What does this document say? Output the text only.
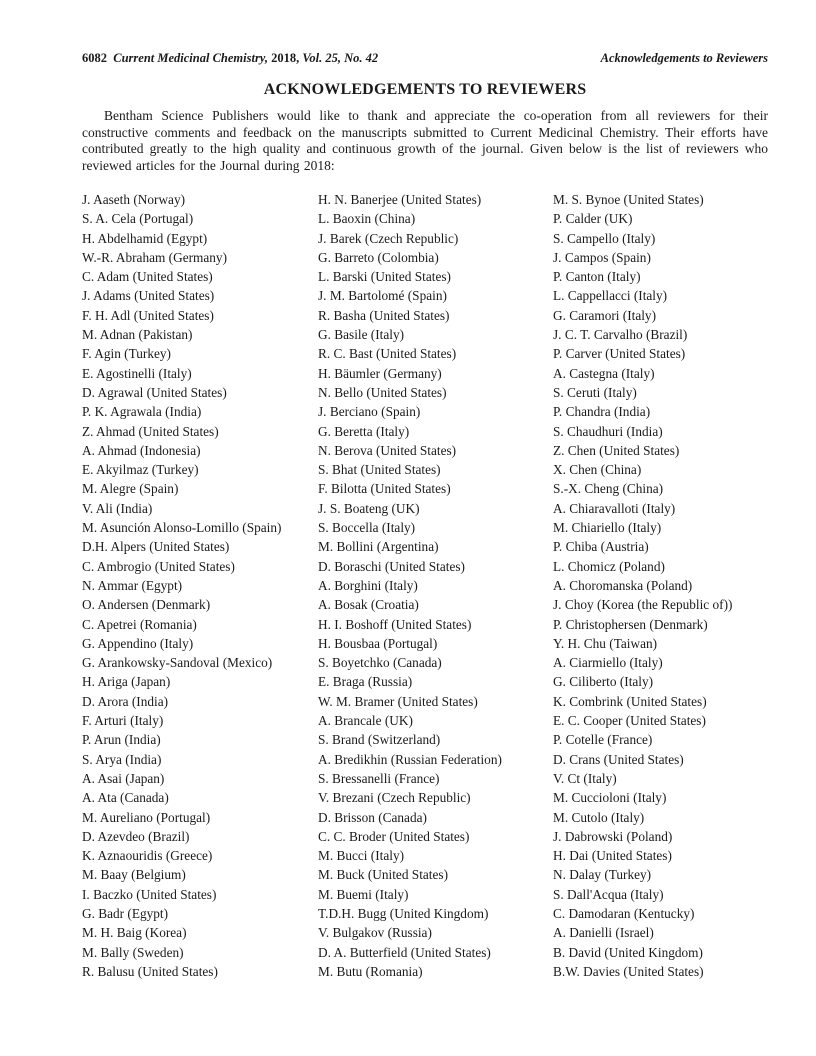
6082 Current Medicinal Chemistry, 2018, Vol. 25, No. 42	Acknowledgements to Reviewers
ACKNOWLEDGEMENTS TO REVIEWERS

Bentham Science Publishers would like to thank and appreciate the co-operation from all reviewers for their constructive comments and feedback on the manuscripts submitted to Current Medicinal Chemistry. Their efforts have contributed greatly to the high quality and continuous growth of the journal. Given below is the list of reviewers who reviewed articles for the Journal during 2018:

J. Aaseth (Norway)
S. A. Cela (Portugal)
H. Abdelhamid (Egypt)
W.-R. Abraham (Germany)
C. Adam (United States)
J. Adams (United States)
F. H. Adl (United States)
M. Adnan (Pakistan)
F. Agin (Turkey)
E. Agostinelli (Italy)
D. Agrawal (United States)
P. K. Agrawala (India)
Z. Ahmad (United States)
A. Ahmad (Indonesia)
E. Akyilmaz (Turkey)
M. Alegre (Spain)
V. Ali (India)
M. Asunción Alonso-Lomillo (Spain)
D.H. Alpers (United States)
C. Ambrogio (United States)
N. Ammar (Egypt)
O. Andersen (Denmark)
C. Apetrei (Romania)
G. Appendino (Italy)
G. Arankowsky-Sandoval (Mexico)
H. Ariga (Japan)
D. Arora (India)
F. Arturi (Italy)
P. Arun (India)
S. Arya (India)
A. Asai (Japan)
A. Ata (Canada)
M. Aureliano (Portugal)
D. Azevdeo (Brazil)
K. Aznaouridis (Greece)
M. Baay (Belgium)
I. Baczko (United States)
G. Badr (Egypt)
M. H. Baig (Korea)
M. Bally (Sweden)
R. Balusu (United States)
H. N. Banerjee (United States)
L. Baoxin (China)
J. Barek (Czech Republic)
G. Barreto (Colombia)
L. Barski (United States)
J. M. Bartolomé (Spain)
R. Basha (United States)
G. Basile (Italy)
R. C. Bast (United States)
H. Bäumler (Germany)
N. Bello (United States)
J. Berciano (Spain)
G. Beretta (Italy)
N. Berova (United States)
S. Bhat (United States)
F. Bilotta (United States)
J. S. Boateng (UK)
S. Boccella (Italy)
M. Bollini (Argentina)
D. Boraschi (United States)
A. Borghini (Italy)
A. Bosak (Croatia)
H. I. Boshoff (United States)
H. Bousbaa (Portugal)
S. Boyetchko (Canada)
E. Braga (Russia)
W. M. Bramer (United States)
A. Brancale (UK)
S. Brand (Switzerland)
A. Bredikhin (Russian Federation)
S. Bressanelli (France)
V. Brezani (Czech Republic)
D. Brisson (Canada)
C. C. Broder (United States)
M. Bucci (Italy)
M. Buck (United States)
M. Buemi (Italy)
T.D.H. Bugg (United Kingdom)
V. Bulgakov (Russia)
D. A. Butterfield (United States)
M. Butu (Romania)
M. S. Bynoe (United States)
P. Calder (UK)
S. Campello (Italy)
J. Campos (Spain)
P. Canton (Italy)
L. Cappellacci (Italy)
G. Caramori (Italy)
J. C. T. Carvalho (Brazil)
P. Carver (United States)
A. Castegna (Italy)
S. Ceruti (Italy)
P. Chandra (India)
S. Chaudhuri (India)
Z. Chen (United States)
X. Chen (China)
S.-X. Cheng (China)
A. Chiaravalloti (Italy)
M. Chiariello (Italy)
P. Chiba (Austria)
L. Chomicz (Poland)
A. Choromanska (Poland)
J. Choy (Korea (the Republic of))
P. Christophersen (Denmark)
Y. H. Chu (Taiwan)
A. Ciarmiello (Italy)
G. Ciliberto (Italy)
K. Combrink (United States)
E. C. Cooper (United States)
P. Cotelle (France)
D. Crans (United States)
V. Ct (Italy)
M. Cuccioloni (Italy)
M. Cutolo (Italy)
J. Dabrowski (Poland)
H. Dai (United States)
N. Dalay (Turkey)
S. Dall'Acqua (Italy)
C. Damodaran (Kentucky)
A. Danielli (Israel)
B. David (United Kingdom)
B.W. Davies (United States)
